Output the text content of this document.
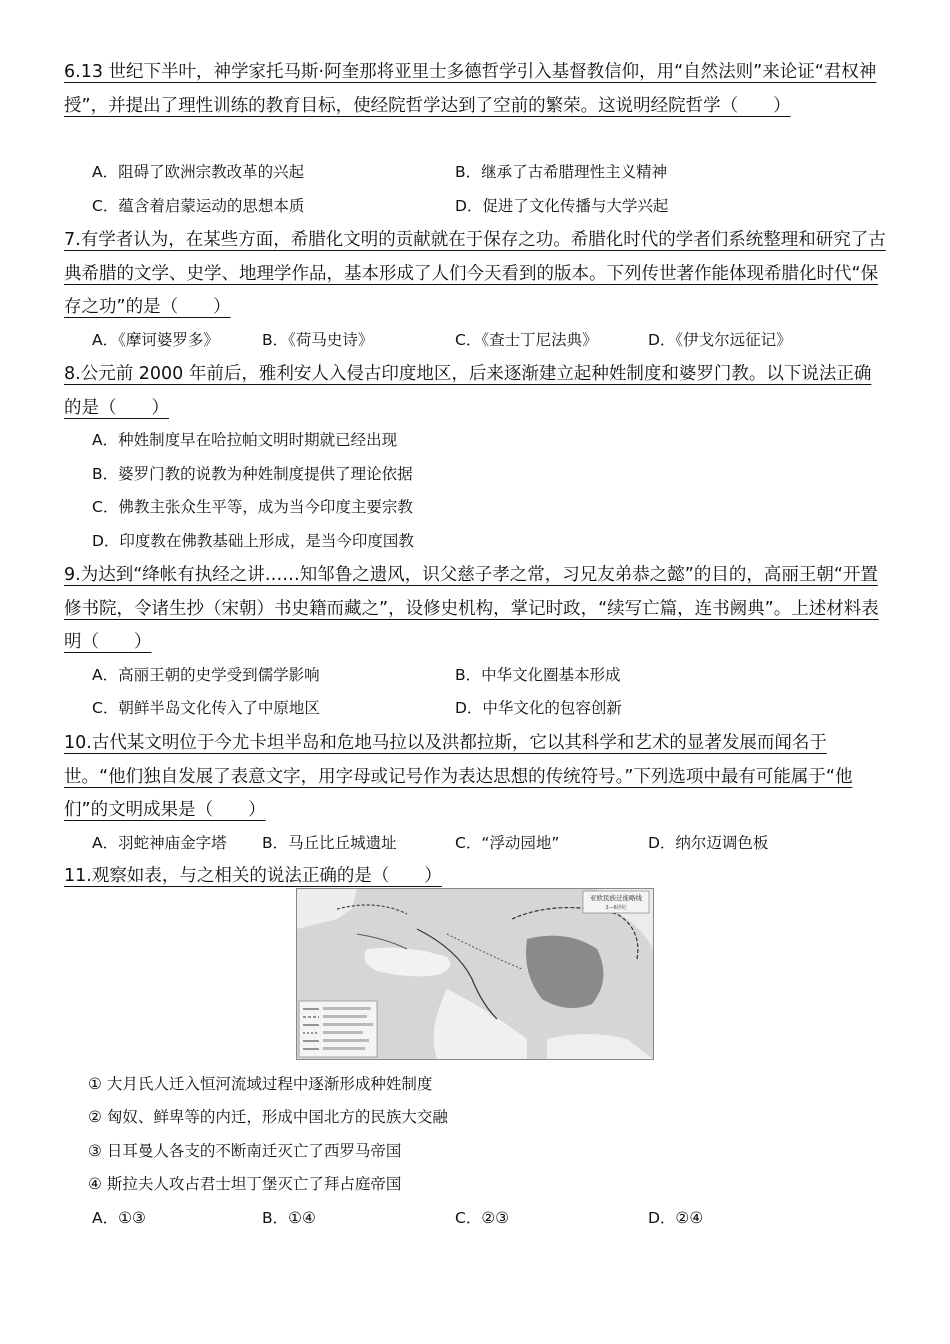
6.13 世纪下半叶，神学家托马斯·阿奎那将亚里士多德哲学引入基督教信仰，用“自然法则”来论证“君权神授”，并提出了理性训练的教育目标，使经院哲学达到了空前的繁荣。这说明经院哲学（　　）
A．阻碍了欧洲宗教改革的兴起	B．继承了古希腊理性主义精神
C．蕴含着启蒙运动的思想本质	D．促进了文化传播与大学兴起
7.有学者认为，在某些方面，希腊化文明的贡献就在于保存之功。希腊化时代的学者们系统整理和研究了古典希腊的文学、史学、地理学作品，基本形成了人们今天看到的版本。下列传世著作能体现希腊化时代“保存之功”的是（　　）
A．《摩诃婆罗多》	B．《荷马史诗》	C．《查士丁尼法典》	D．《伊戈尔远征记》
8.公元前 2000 年前后，雅利安人入侵古印度地区，后来逐渐建立起种姓制度和婆罗门教。以下说法正确的是（　　）
A．种姓制度早在哈拉帕文明时期就已经出现
B．婆罗门教的说教为种姓制度提供了理论依据
C．佛教主张众生平等，成为当今印度主要宗教
D．印度教在佛教基础上形成，是当今印度国教
9.为达到“绛帐有执经之讲……知邹鲁之遗风，识父慈子孝之常，习兄友弟恭之懿”的目的，高丽王朝“开置修书院，令诸生抄（宋朝）书史籍而藏之”，设修史机构，掌记时政，“续写亡篇，连书阙典”。上述材料表明（　　）
A．高丽王朝的史学受到儒学影响	B．中华文化圈基本形成
C．朝鲜半岛文化传入了中原地区	D．中华文化的包容创新
10.古代某文明位于今尤卡坦半岛和危地马拉以及洪都拉斯，它以其科学和艺术的显著发展而闻名于世。“他们独自发展了表意文字，用字母或记号作为表达思想的传统符号。”下列选项中最有可能属于“他们”的文明成果是（　　）
A．羽蛇神庙金字塔 B．马丘比丘城遗址	C．“浮动园地”	D．纳尔迈调色板
11.观察如表，与之相关的说法正确的是（　　）
亚欧民族迁徙略线
3—6世纪
① 大月氏人迁入恒河流域过程中逐渐形成种姓制度
② 匈奴、鲜卑等的内迁，形成中国北方的民族大交融
③ 日耳曼人各支的不断南迁灭亡了西罗马帝国
④ 斯拉夫人攻占君士坦丁堡灭亡了拜占庭帝国
A．①③	B．①④	C．②③	D．②④
